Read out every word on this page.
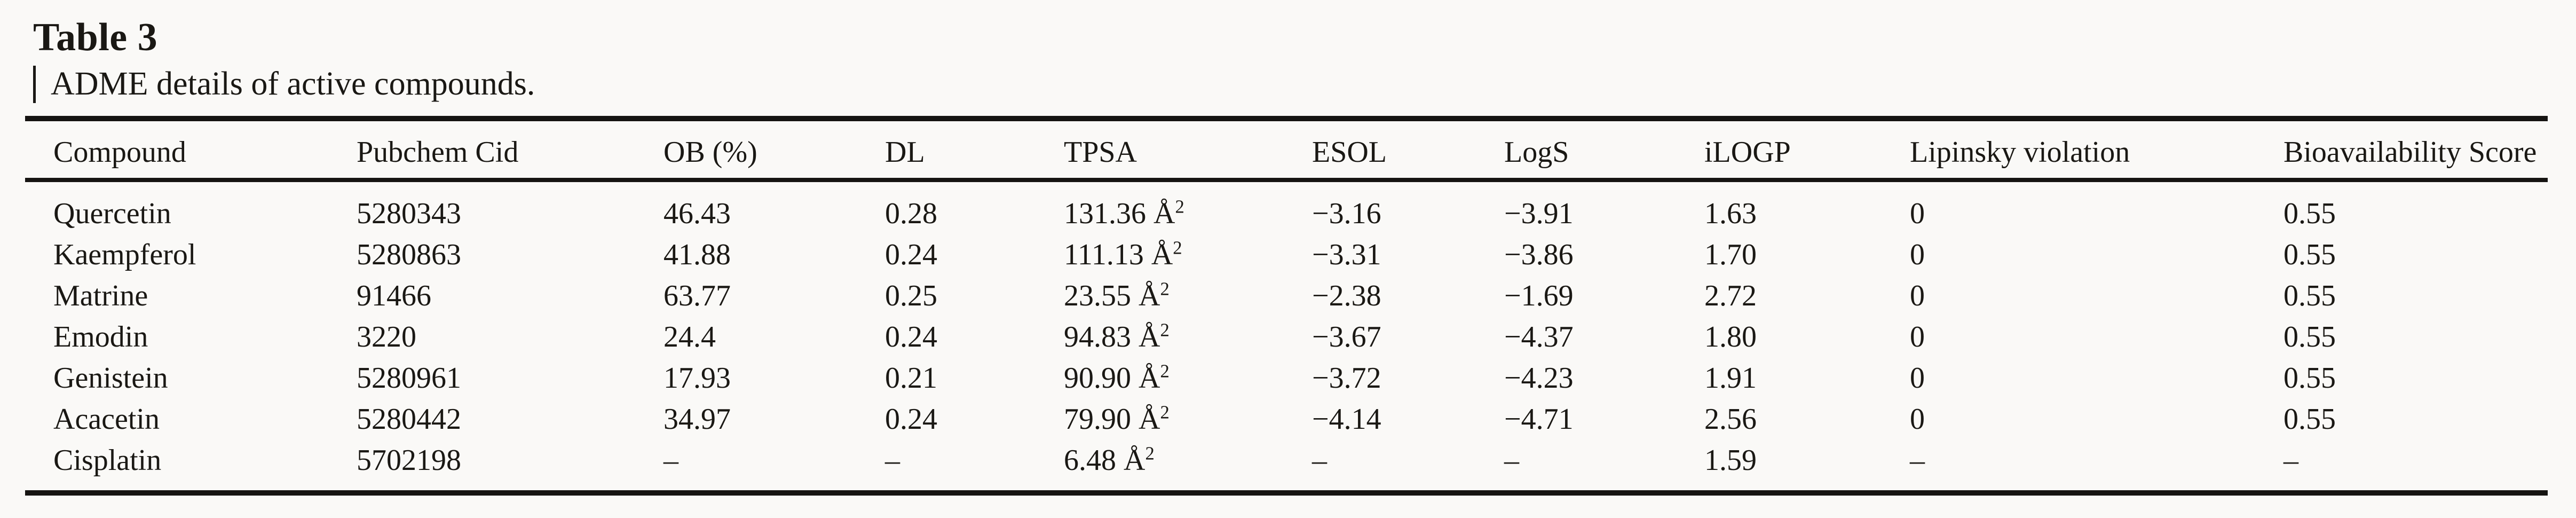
Table 3
ADME details of active compounds.
Compound	Pubchem Cid	OB (%)	DL	TPSA	ESOL	LogS	iLOGP	Lipinsky violation	Bioavailability Score
Quercetin	5280343	46.43	0.28	131.36 $Å^2$	−3.16	−3.91	1.63	0	0.55
Kaempferol	5280863	41.88	0.24	111.13 $Å^2$	−3.31	−3.86	1.70	0	0.55
Matrine	91466	63.77	0.25	23.55 $Å^2$	−2.38	−1.69	2.72	0	0.55
Emodin	3220	24.4	0.24	94.83 $Å^2$	−3.67	−4.37	1.80	0	0.55
Genistein	5280961	17.93	0.21	90.90 $Å^2$	−3.72	−4.23	1.91	0	0.55
Acacetin	5280442	34.97	0.24	79.90 $Å^2$	−4.14	−4.71	2.56	0	0.55
Cisplatin	5702198	–	–	6.48 $Å^2$	–	–	1.59	–	–
